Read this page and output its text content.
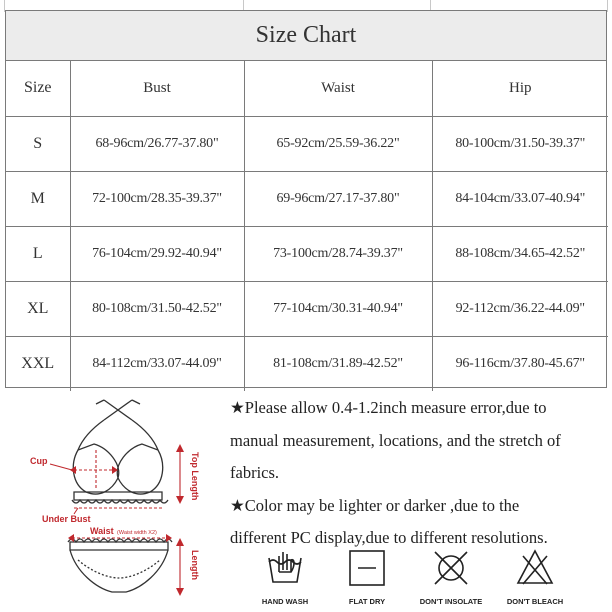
Size Chart
Size	Bust	Waist	Hip
S	68-96cm/26.77-37.80"	65-92cm/25.59-36.22"	80-100cm/31.50-39.37"
M	72-100cm/28.35-39.37"	69-96cm/27.17-37.80"	84-104cm/33.07-40.94"
L	76-104cm/29.92-40.94"	73-100cm/28.74-39.37"	88-108cm/34.65-42.52"
XL	80-108cm/31.50-42.52"	77-104cm/30.31-40.94"	92-112cm/36.22-44.09"
XXL	84-112cm/33.07-44.09"	81-108cm/31.89-42.52"	96-116cm/37.80-45.67"
Cup	Top Length
Under Bust
Waist (Waist width X2)
Length

★Please allow 0.4-1.2inch measure error,due to

manual measurement, locations, and the stretch of

fabrics.

★Color may be lighter or darker ,due to the

different PC display,due to different resolutions.

HAND WASH	FLAT DRY	DON'T INSOLATE	DON'T BLEACH
